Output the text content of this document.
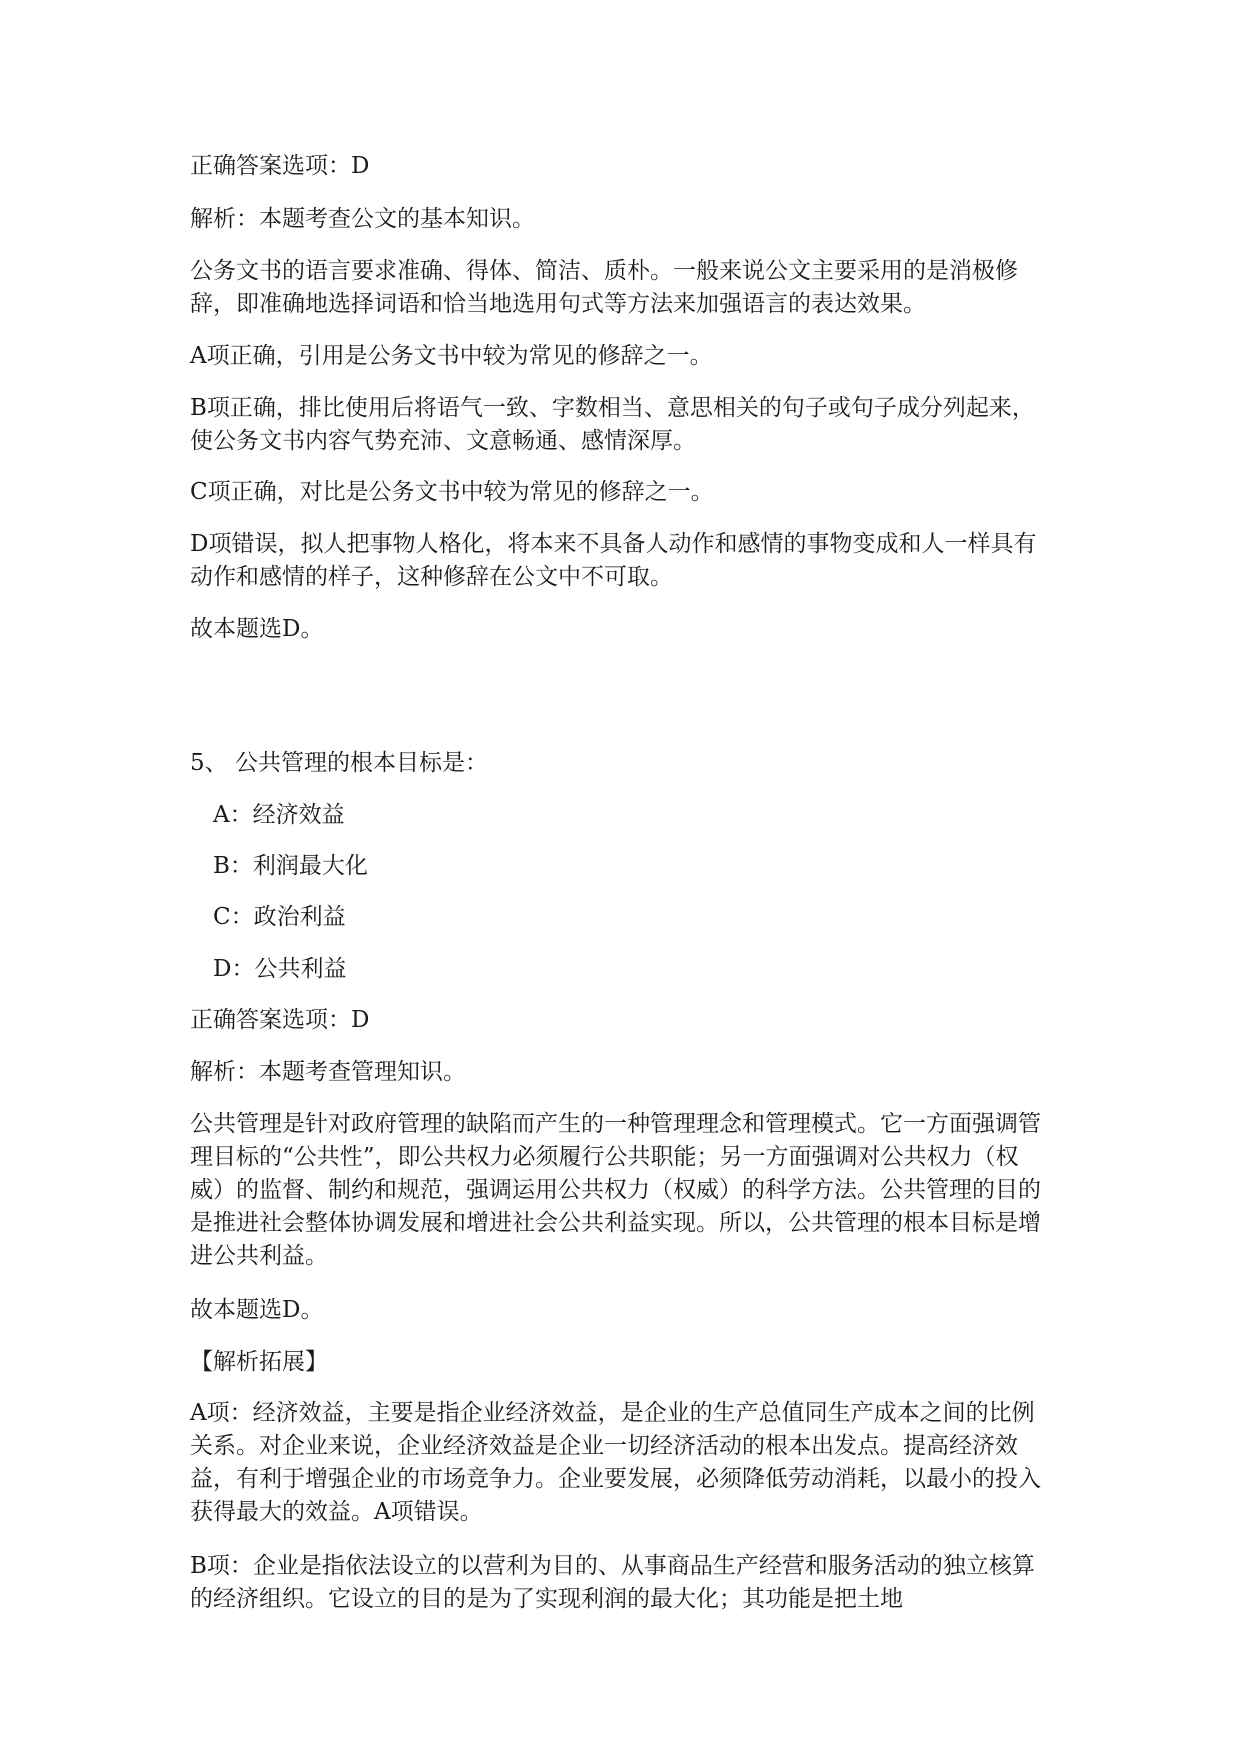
正确答案选项：D

解析：本题考查公文的基本知识。

公务文书的语言要求准确、得体、简洁、质朴。一般来说公文主要采用的是消极修辞，即准确地选择词语和恰当地选用句式等方法来加强语言的表达效果。

A项正确，引用是公务文书中较为常见的修辞之一。

B项正确，排比使用后将语气一致、字数相当、意思相关的句子或句子成分列起来，使公务文书内容气势充沛、文意畅通、感情深厚。

C项正确，对比是公务文书中较为常见的修辞之一。

D项错误，拟人把事物人格化，将本来不具备人动作和感情的事物变成和人一样具有动作和感情的样子，这种修辞在公文中不可取。

故本题选D。

5、 公共管理的根本目标是：

A：经济效益

B：利润最大化

C：政治利益

D：公共利益

正确答案选项：D

解析：本题考查管理知识。

公共管理是针对政府管理的缺陷而产生的一种管理理念和管理模式。它一方面强调管理目标的“公共性”，即公共权力必须履行公共职能；另一方面强调对公共权力（权威）的监督、制约和规范，强调运用公共权力（权威）的科学方法。公共管理的目的是推进社会整体协调发展和增进社会公共利益实现。所以，公共管理的根本目标是增进公共利益。

故本题选D。

【解析拓展】

A项：经济效益，主要是指企业经济效益，是企业的生产总值同生产成本之间的比例关系。对企业来说，企业经济效益是企业一切经济活动的根本出发点。提高经济效益，有利于增强企业的市场竞争力。企业要发展，必须降低劳动消耗，以最小的投入获得最大的效益。A项错误。

B项：企业是指依法设立的以营利为目的、从事商品生产经营和服务活动的独立核算的经济组织。它设立的目的是为了实现利润的最大化；其功能是把土地
